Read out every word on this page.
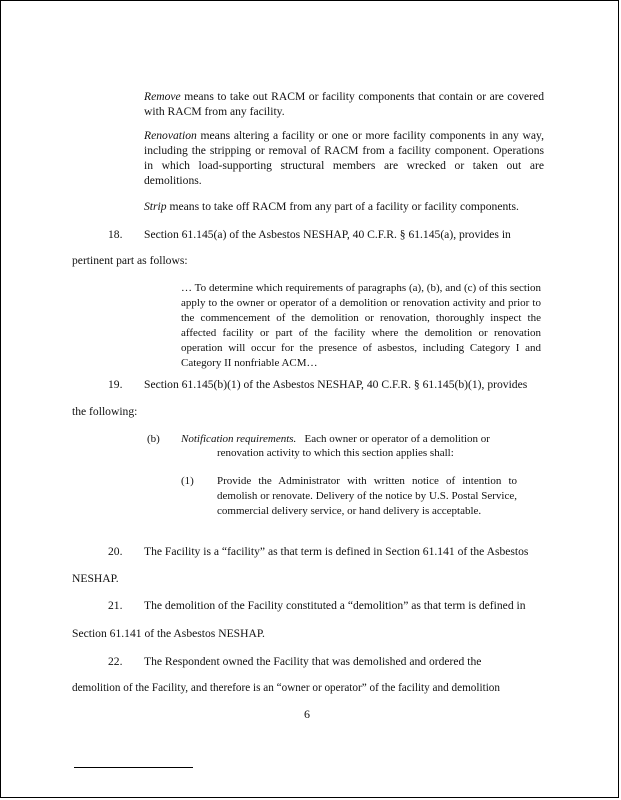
Remove means to take out RACM or facility components that contain or are covered with RACM from any facility.

Renovation means altering a facility or one or more facility components in any way, including the stripping or removal of RACM from a facility component. Operations in which load-supporting structural members are wrecked or taken out are demolitions.

Strip means to take off RACM from any part of a facility or facility components.

18. Section 61.145(a) of the Asbestos NESHAP, 40 C.F.R. § 61.145(a), provides in
pertinent part as follows:
… To determine which requirements of paragraphs (a), (b), and (c) of this section apply to the owner or operator of a demolition or renovation activity and prior to the commencement of the demolition or renovation, thoroughly inspect the affected facility or part of the facility where the demolition or renovation operation will occur for the presence of asbestos, including Category I and Category II nonfriable ACM…
19. Section 61.145(b)(1) of the Asbestos NESHAP, 40 C.F.R. § 61.145(b)(1), provides
the following:
(b) Notification requirements. Each owner or operator of a demolition or
renovation activity to which this section applies shall:
(1) Provide the Administrator with written notice of intention to demolish or renovate. Delivery of the notice by U.S. Postal Service, commercial delivery service, or hand delivery is acceptable.
20. The Facility is a “facility” as that term is defined in Section 61.141 of the Asbestos
NESHAP.
21. The demolition of the Facility constituted a “demolition” as that term is defined in
Section 61.141 of the Asbestos NESHAP.
22. The Respondent owned the Facility that was demolished and ordered the
demolition of the Facility, and therefore is an “owner or operator” of the facility and demolition
6
